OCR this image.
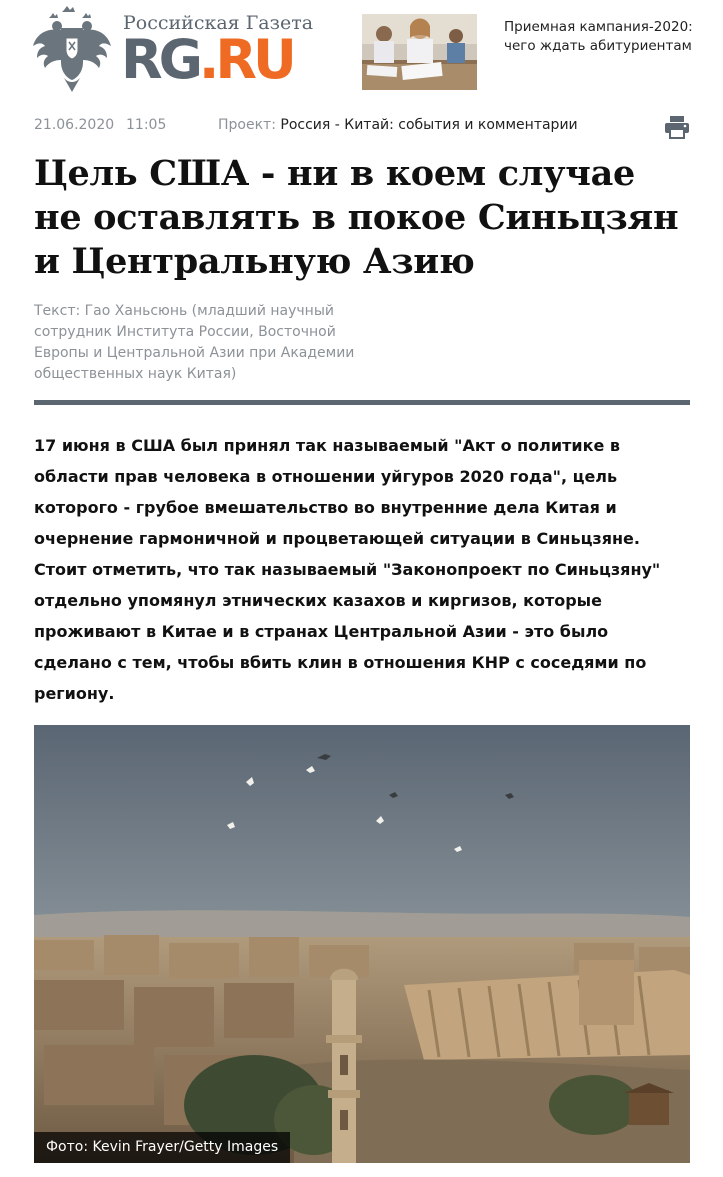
Российская Газета
RG.RU
Приемная кампания-2020: чего ждать абитуриентам
21.06.2020 11:05	Проект: Россия - Китай: события и комментарии
Цель США - ни в коем случае не оставлять в покое Синьцзян и Центральную Азию
Текст: Гао Ханьсюнь (младший научный сотрудник Института России, Восточной Европы и Центральной Азии при Академии общественных наук Китая)

17 июня в США был принял так называемый "Акт о политике в области прав человека в отношении уйгуров 2020 года", цель которого - грубое вмешательство во внутренние дела Китая и очернение гармоничной и процветающей ситуации в Синьцзяне. Стоит отметить, что так называемый "Законопроект по Синьцзяну" отдельно упомянул этнических казахов и киргизов, которые проживают в Китае и в странах Центральной Азии - это было сделано с тем, чтобы вбить клин в отношения КНР с соседями по региону.

Фото: Kevin Frayer/Getty Images
